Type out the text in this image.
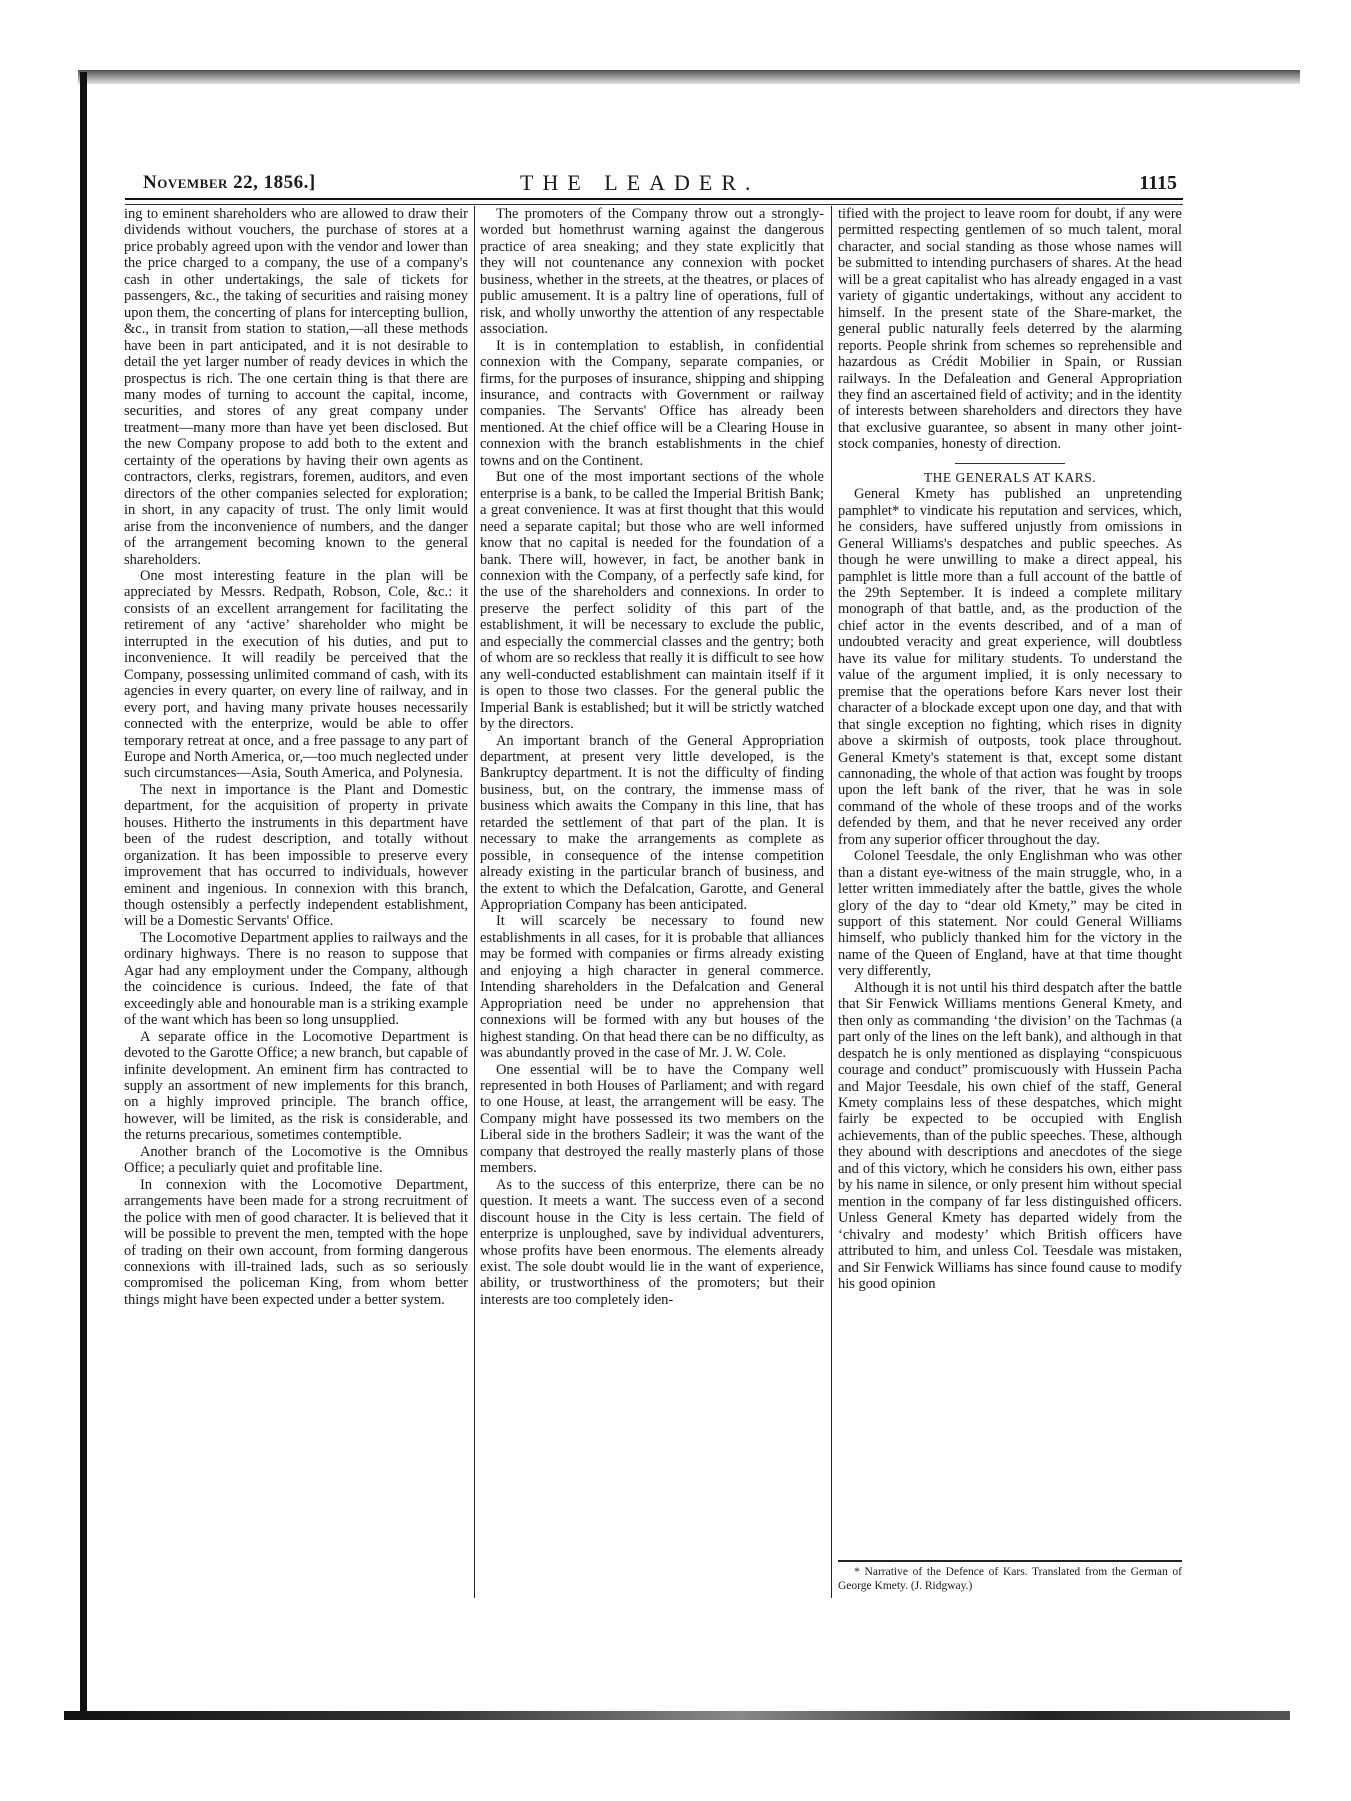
November 22, 1856.]	THE LEADER.	1115

ing to eminent shareholders who are allowed to draw their dividends without vouchers, the purchase of stores at a price probably agreed upon with the vendor and lower than the price charged to a company, the use of a company's cash in other undertakings, the sale of tickets for passengers, &c., the taking of securities and raising money upon them, the concerting of plans for intercepting bullion, &c., in transit from station to station,—all these methods have been in part anticipated, and it is not desirable to detail the yet larger number of ready devices in which the prospectus is rich. The one certain thing is that there are many modes of turning to account the capital, income, securities, and stores of any great company under treatment—many more than have yet been disclosed. But the new Company propose to add both to the extent and certainty of the operations by having their own agents as contractors, clerks, registrars, foremen, auditors, and even directors of the other companies selected for exploration; in short, in any capacity of trust. The only limit would arise from the inconvenience of numbers, and the danger of the arrangement becoming known to the general shareholders.

One most interesting feature in the plan will be appreciated by Messrs. Redpath, Robson, Cole, &c.: it consists of an excellent arrangement for facilitating the retirement of any ‘active’ shareholder who might be interrupted in the execution of his duties, and put to inconvenience. It will readily be perceived that the Company, possessing unlimited command of cash, with its agencies in every quarter, on every line of railway, and in every port, and having many private houses necessarily connected with the enterprize, would be able to offer temporary retreat at once, and a free passage to any part of Europe and North America, or,—too much neglected under such circumstances—Asia, South America, and Polynesia.

The next in importance is the Plant and Domestic department, for the acquisition of property in private houses. Hitherto the instruments in this department have been of the rudest description, and totally without organization. It has been impossible to preserve every improvement that has occurred to individuals, however eminent and ingenious. In connexion with this branch, though ostensibly a perfectly independent establishment, will be a Domestic Servants' Office.

The Locomotive Department applies to railways and the ordinary highways. There is no reason to suppose that Agar had any employment under the Company, although the coincidence is curious. Indeed, the fate of that exceedingly able and honourable man is a striking example of the want which has been so long unsupplied.

A separate office in the Locomotive Department is devoted to the Garotte Office; a new branch, but capable of infinite development. An eminent firm has contracted to supply an assortment of new implements for this branch, on a highly improved principle. The branch office, however, will be limited, as the risk is considerable, and the returns precarious, sometimes contemptible.

Another branch of the Locomotive is the Omnibus Office; a peculiarly quiet and profitable line.

In connexion with the Locomotive Department, arrangements have been made for a strong recruitment of the police with men of good character. It is believed that it will be possible to prevent the men, tempted with the hope of trading on their own account, from forming dangerous connexions with ill-trained lads, such as so seriously compromised the policeman King, from whom better things might have been expected under a better system.

The promoters of the Company throw out a strongly-worded but homethrust warning against the dangerous practice of area sneaking; and they state explicitly that they will not countenance any connexion with pocket business, whether in the streets, at the theatres, or places of public amusement. It is a paltry line of operations, full of risk, and wholly unworthy the attention of any respectable association.

It is in contemplation to establish, in confidential connexion with the Company, separate companies, or firms, for the purposes of insurance, shipping and shipping insurance, and contracts with Government or railway companies. The Servants' Office has already been mentioned. At the chief office will be a Clearing House in connexion with the branch establishments in the chief towns and on the Continent.

But one of the most important sections of the whole enterprise is a bank, to be called the Imperial British Bank; a great convenience. It was at first thought that this would need a separate capital; but those who are well informed know that no capital is needed for the foundation of a bank. There will, however, in fact, be another bank in connexion with the Company, of a perfectly safe kind, for the use of the shareholders and connexions. In order to preserve the perfect solidity of this part of the establishment, it will be necessary to exclude the public, and especially the commercial classes and the gentry; both of whom are so reckless that really it is difficult to see how any well-conducted establishment can maintain itself if it is open to those two classes. For the general public the Imperial Bank is established; but it will be strictly watched by the directors.

An important branch of the General Appropriation department, at present very little developed, is the Bankruptcy department. It is not the difficulty of finding business, but, on the contrary, the immense mass of business which awaits the Company in this line, that has retarded the settlement of that part of the plan. It is necessary to make the arrangements as complete as possible, in consequence of the intense competition already existing in the particular branch of business, and the extent to which the Defalcation, Garotte, and General Appropriation Company has been anticipated.

It will scarcely be necessary to found new establishments in all cases, for it is probable that alliances may be formed with companies or firms already existing and enjoying a high character in general commerce. Intending shareholders in the Defalcation and General Appropriation need be under no apprehension that connexions will be formed with any but houses of the highest standing. On that head there can be no difficulty, as was abundantly proved in the case of Mr. J. W. Cole.

One essential will be to have the Company well represented in both Houses of Parliament; and with regard to one House, at least, the arrangement will be easy. The Company might have possessed its two members on the Liberal side in the brothers Sadleir; it was the want of the company that destroyed the really masterly plans of those members.

As to the success of this enterprize, there can be no question. It meets a want. The success even of a second discount house in the City is less certain. The field of enterprize is unploughed, save by individual adventurers, whose profits have been enormous. The elements already exist. The sole doubt would lie in the want of experience, ability, or trustworthiness of the promoters; but their interests are too completely iden-

tified with the project to leave room for doubt, if any were permitted respecting gentlemen of so much talent, moral character, and social standing as those whose names will be submitted to intending purchasers of shares. At the head will be a great capitalist who has already engaged in a vast variety of gigantic undertakings, without any accident to himself. In the present state of the Share-market, the general public naturally feels deterred by the alarming reports. People shrink from schemes so reprehensible and hazardous as Crédit Mobilier in Spain, or Russian railways. In the Defaleation and General Appropriation they find an ascertained field of activity; and in the identity of interests between shareholders and directors they have that exclusive guarantee, so absent in many other joint-stock companies, honesty of direction.

THE GENERALS AT KARS.

General Kmety has published an unpretending pamphlet* to vindicate his reputation and services, which, he considers, have suffered unjustly from omissions in General Williams's despatches and public speeches. As though he were unwilling to make a direct appeal, his pamphlet is little more than a full account of the battle of the 29th September. It is indeed a complete military monograph of that battle, and, as the production of the chief actor in the events described, and of a man of undoubted veracity and great experience, will doubtless have its value for military students. To understand the value of the argument implied, it is only necessary to premise that the operations before Kars never lost their character of a blockade except upon one day, and that with that single exception no fighting, which rises in dignity above a skirmish of outposts, took place throughout. General Kmety's statement is that, except some distant cannonading, the whole of that action was fought by troops upon the left bank of the river, that he was in sole command of the whole of these troops and of the works defended by them, and that he never received any order from any superior officer throughout the day.

Colonel Teesdale, the only Englishman who was other than a distant eye-witness of the main struggle, who, in a letter written immediately after the battle, gives the whole glory of the day to “dear old Kmety,” may be cited in support of this statement. Nor could General Williams himself, who publicly thanked him for the victory in the name of the Queen of England, have at that time thought very differently,

Although it is not until his third despatch after the battle that Sir Fenwick Williams mentions General Kmety, and then only as commanding ‘the division’ on the Tachmas (a part only of the lines on the left bank), and although in that despatch he is only mentioned as displaying “conspicuous courage and conduct” promiscuously with Hussein Pacha and Major Teesdale, his own chief of the staff, General Kmety complains less of these despatches, which might fairly be expected to be occupied with English achievements, than of the public speeches. These, although they abound with descriptions and anecdotes of the siege and of this victory, which he considers his own, either pass by his name in silence, or only present him without special mention in the company of far less distinguished officers. Unless General Kmety has departed widely from the ‘chivalry and modesty’ which British officers have attributed to him, and unless Col. Teesdale was mistaken, and Sir Fenwick Williams has since found cause to modify his good opinion

* Narrative of the Defence of Kars. Translated from the German of George Kmety. (J. Ridgway.)
